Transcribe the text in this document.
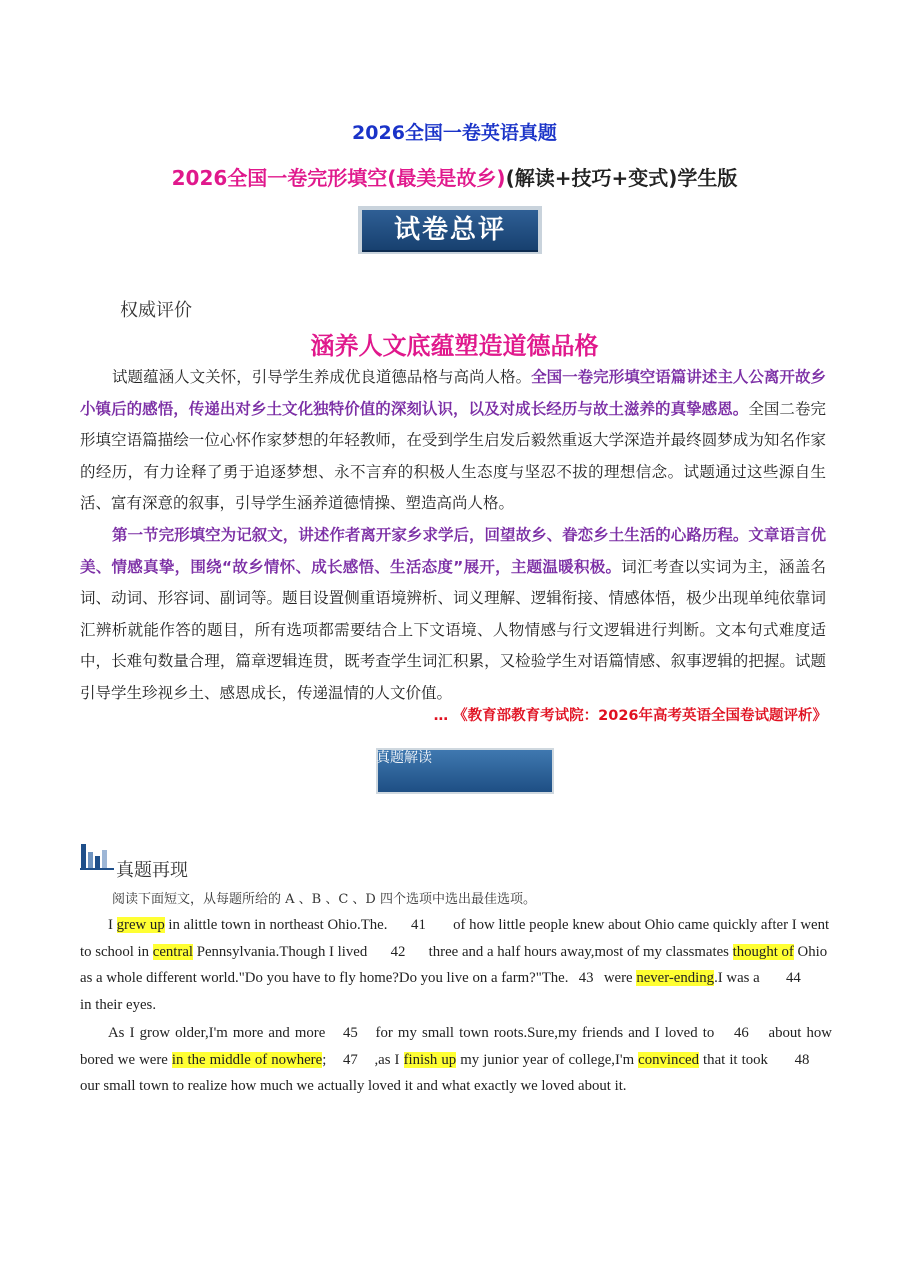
2026全国一卷英语真题
2026全国一卷完形填空(最美是故乡)(解读+技巧+变式)学生版
试卷总评
权威评价
涵养人文底蕴塑造道德品格
试题蕴涵人文关怀，引导学生养成优良道德品格与高尚人格。全国一卷完形填空语篇讲述主人公离开故乡小镇后的感悟，传递出对乡土文化独特价值的深刻认识，以及对成长经历与故土滋养的真挚感恩。全国二卷完形填空语篇描绘一位心怀作家梦想的年轻教师，在受到学生启发后毅然重返大学深造并最终圆梦成为知名作家的经历，有力诠释了勇于追逐梦想、永不言弃的积极人生态度与坚忍不拔的理想信念。试题通过这些源自生活、富有深意的叙事，引导学生涵养道德情操、塑造高尚人格。
第一节完形填空为记叙文，讲述作者离开家乡求学后，回望故乡、眷恋乡土生活的心路历程。文章语言优美、情感真挚，围绕“故乡情怀、成长感悟、生活态度”展开，主题温暖积极。词汇考查以实词为主，涵盖名词、动词、形容词、副词等。题目设置侧重语境辨析、词义理解、逻辑衔接、情感体悟，极少出现单纯依靠词汇辨析就能作答的题目，所有选项都需要结合上下文语境、人物情感与行文逻辑进行判断。文本句式难度适中，长难句数量合理，篇章逻辑连贯，既考查学生词汇积累，又检验学生对语篇情感、叙事逻辑的把握。试题引导学生珍视乡土、感恩成长，传递温情的人文价值。
… 《教育部教育考试院：2026年高考英语全国卷试题评析》
真题解读
真题再现
阅读下面短文，从每题所给的 A 、B 、C 、D 四个选项中选出最佳选项。
I grew up in alittle town in northeast Ohio.The. 41 of how little people knew about Ohio came quickly after I went to school in central Pennsylvania.Though I lived 42 three and a half hours away,most of my classmates thought of Ohio as a whole different world."Do you have to fly home?Do you live on a farm?"The. 43 were never-ending.I was a 44 in their eyes.
As I grow older,I'm more and more 45 for my small town roots.Sure,my friends and I loved to 46 about how bored we were in the middle of nowhere; 47 ,as I finish up my junior year of college,I'm convinced that it took 48 our small town to realize how much we actually loved it and what exactly we loved about it.
